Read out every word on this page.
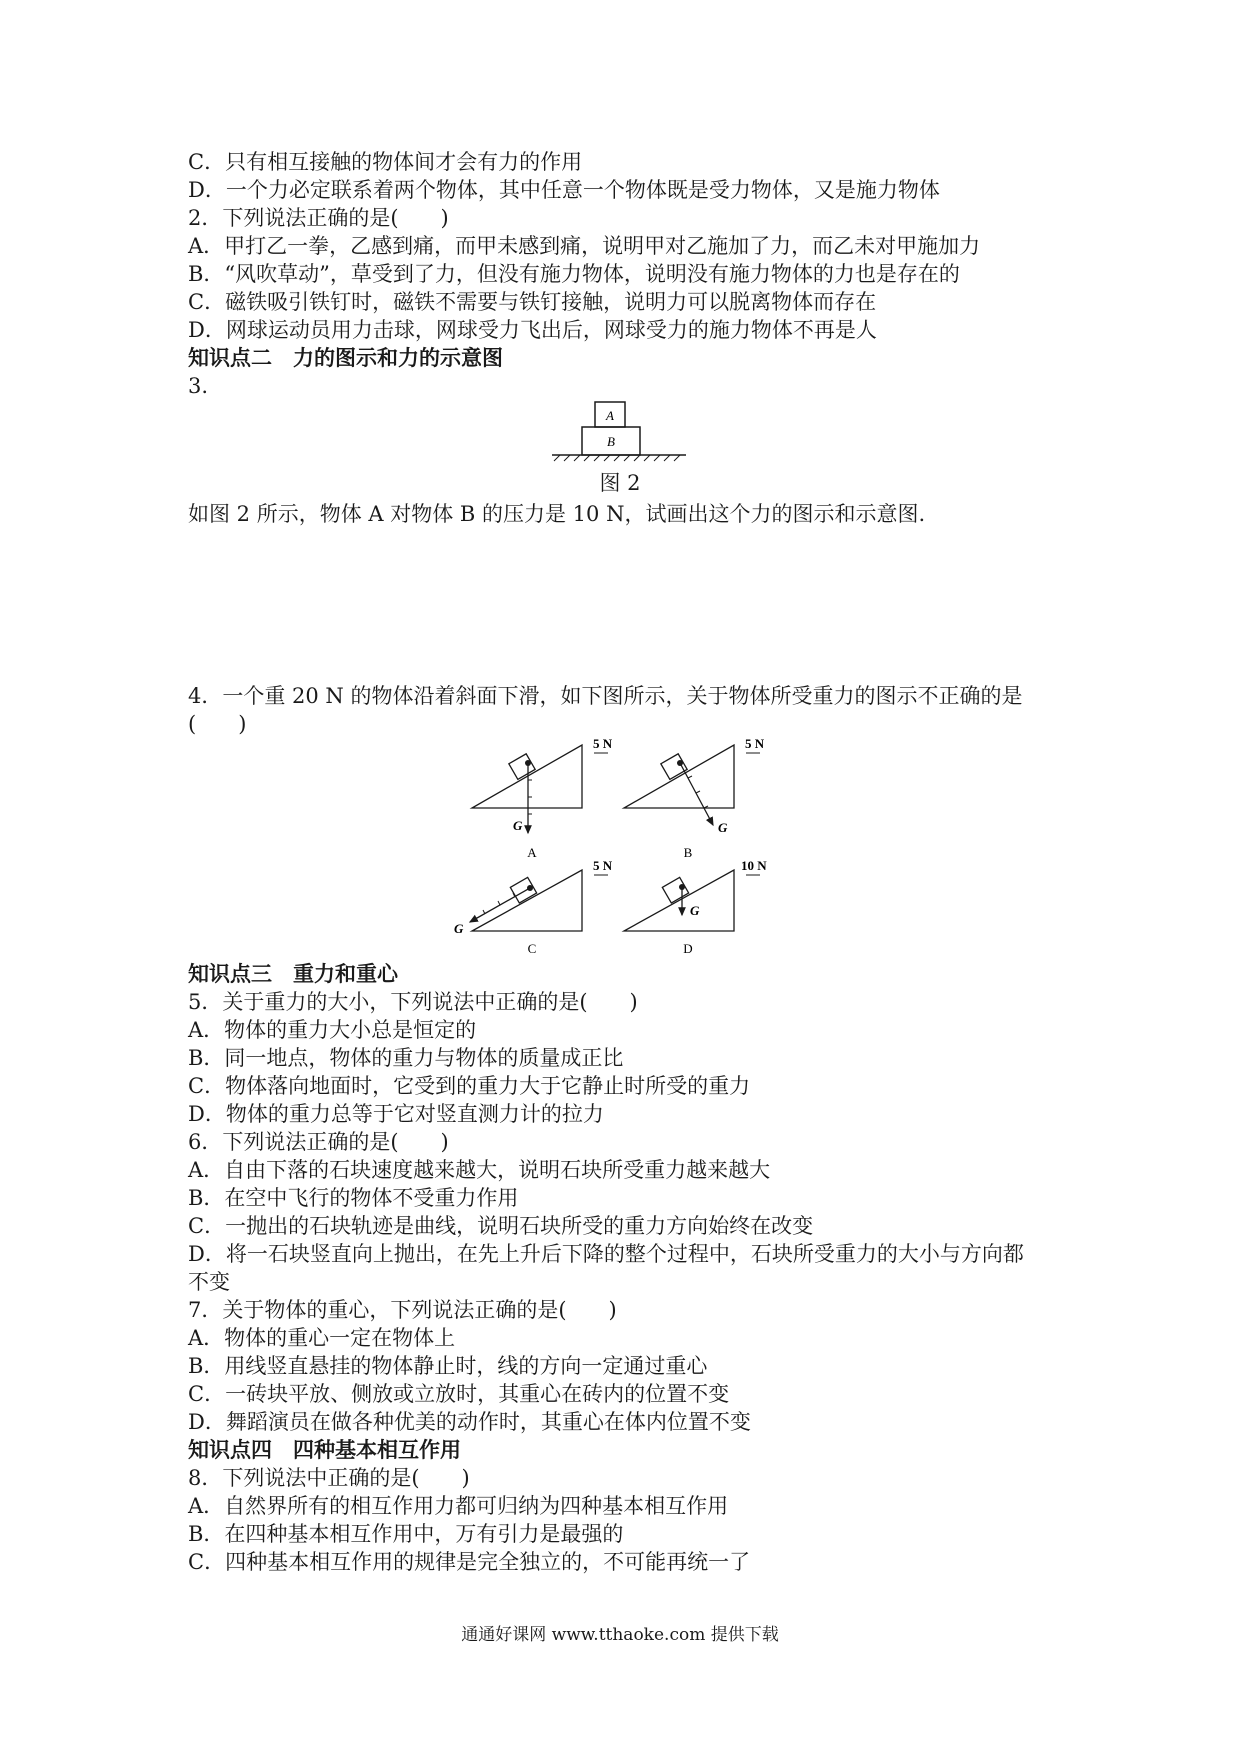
C．只有相互接触的物体间才会有力的作用
D．一个力必定联系着两个物体，其中任意一个物体既是受力物体，又是施力物体
2．下列说法正确的是(　　)
A．甲打乙一拳，乙感到痛，而甲未感到痛，说明甲对乙施加了力，而乙未对甲施加力
B．“风吹草动”，草受到了力，但没有施力物体，说明没有施力物体的力也是存在的
C．磁铁吸引铁钉时，磁铁不需要与铁钉接触，说明力可以脱离物体而存在
D．网球运动员用力击球，网球受力飞出后，网球受力的施力物体不再是人
知识点二　力的图示和力的示意图
3.
A
B
图 2
如图 2 所示，物体 A 对物体 B 的压力是 10 N，试画出这个力的图示和示意图.
4．一个重 20 N 的物体沿着斜面下滑，如下图所示，关于物体所受重力的图示不正确的是
(　　)
5 N
G
A
5 N
G
B
5 N
G
C
10 N
G
D
知识点三　重力和重心
5．关于重力的大小，下列说法中正确的是(　　)
A．物体的重力大小总是恒定的
B．同一地点，物体的重力与物体的质量成正比
C．物体落向地面时，它受到的重力大于它静止时所受的重力
D．物体的重力总等于它对竖直测力计的拉力
6．下列说法正确的是(　　)
A．自由下落的石块速度越来越大，说明石块所受重力越来越大
B．在空中飞行的物体不受重力作用
C．一抛出的石块轨迹是曲线，说明石块所受的重力方向始终在改变
D．将一石块竖直向上抛出，在先上升后下降的整个过程中，石块所受重力的大小与方向都
不变
7．关于物体的重心，下列说法正确的是(　　)
A．物体的重心一定在物体上
B．用线竖直悬挂的物体静止时，线的方向一定通过重心
C．一砖块平放、侧放或立放时，其重心在砖内的位置不变
D．舞蹈演员在做各种优美的动作时，其重心在体内位置不变
知识点四　四种基本相互作用
8．下列说法中正确的是(　　)
A．自然界所有的相互作用力都可归纳为四种基本相互作用
B．在四种基本相互作用中，万有引力是最强的
C．四种基本相互作用的规律是完全独立的，不可能再统一了
通通好课网 www.tthaoke.com 提供下载
